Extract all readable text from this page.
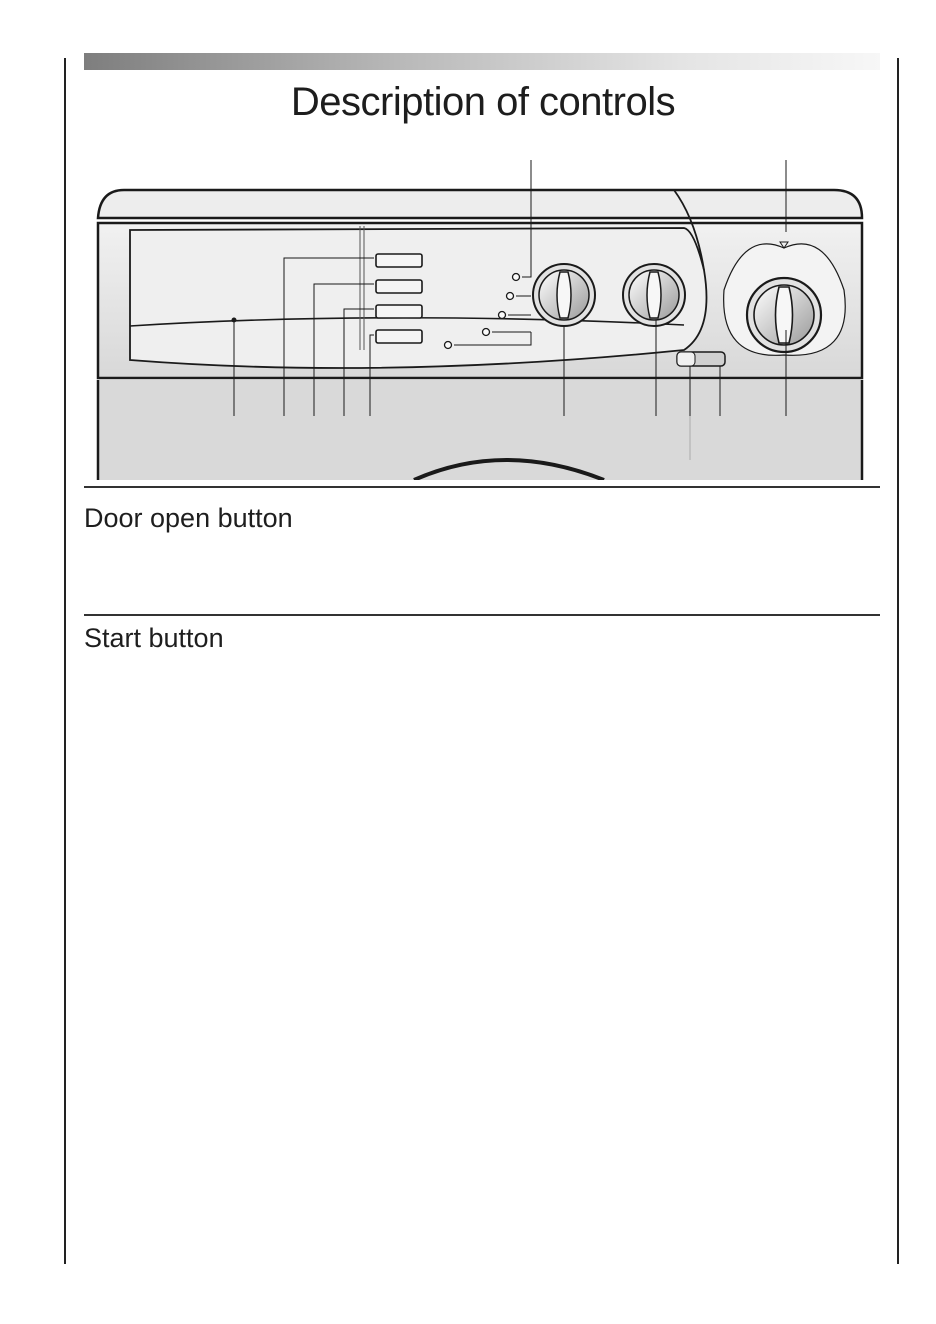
Description of controls
Door open button
Start button
